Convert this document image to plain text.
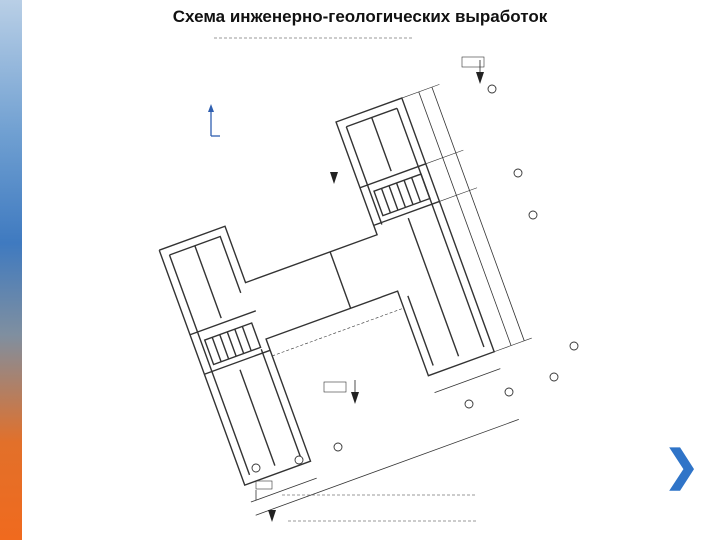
Схема инженерно-геологических выработок
❯
